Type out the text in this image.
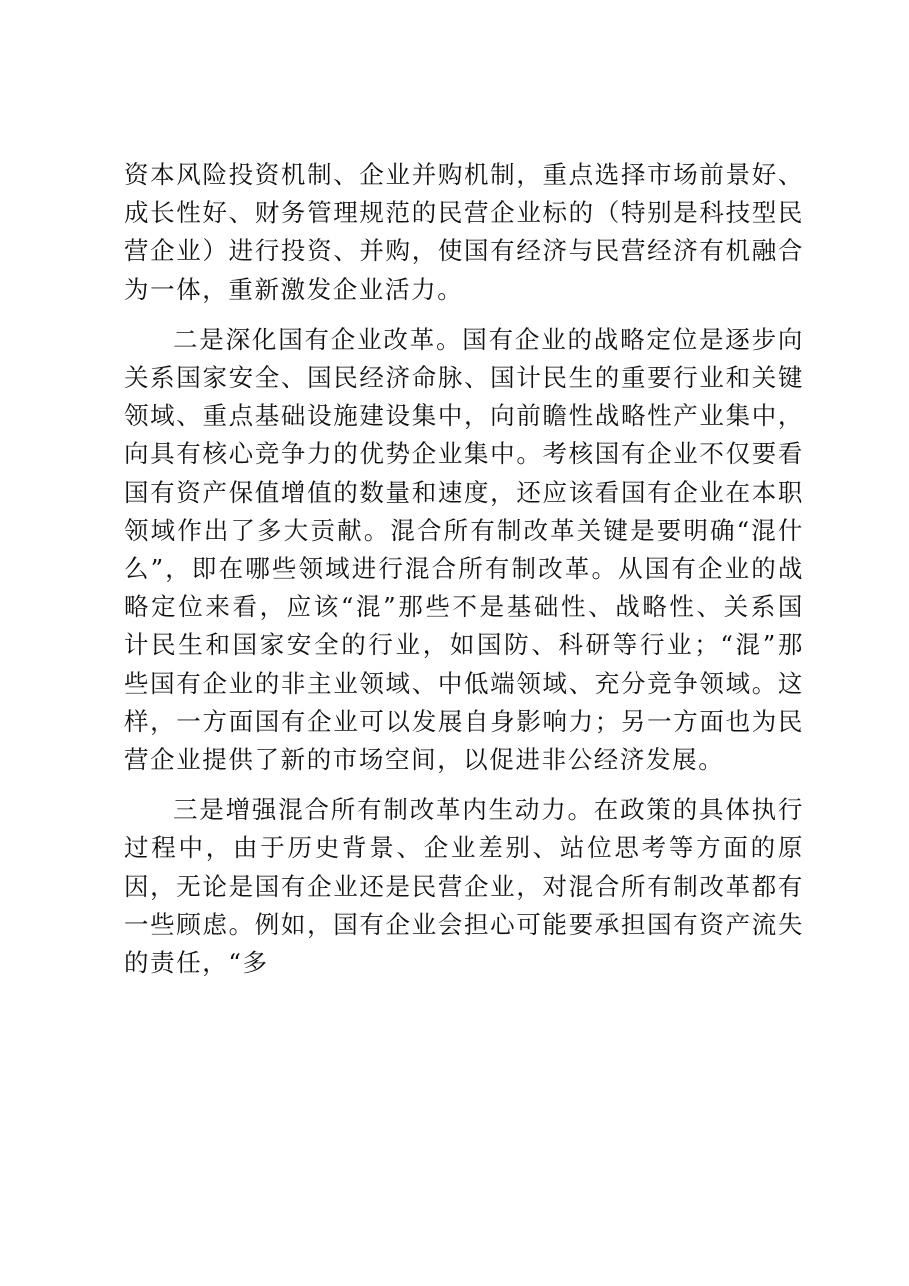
资本风险投资机制、企业并购机制，重点选择市场前景好、成长性好、财务管理规范的民营企业标的（特别是科技型民营企业）进行投资、并购，使国有经济与民营经济有机融合为一体，重新激发企业活力。

二是深化国有企业改革。国有企业的战略定位是逐步向关系国家安全、国民经济命脉、国计民生的重要行业和关键领域、重点基础设施建设集中，向前瞻性战略性产业集中，向具有核心竞争力的优势企业集中。考核国有企业不仅要看国有资产保值增值的数量和速度，还应该看国有企业在本职领域作出了多大贡献。混合所有制改革关键是要明确“混什么”，即在哪些领域进行混合所有制改革。从国有企业的战略定位来看，应该“混”那些不是基础性、战略性、关系国计民生和国家安全的行业，如国防、科研等行业；“混”那些国有企业的非主业领域、中低端领域、充分竞争领域。这样，一方面国有企业可以发展自身影响力；另一方面也为民营企业提供了新的市场空间，以促进非公经济发展。

三是增强混合所有制改革内生动力。在政策的具体执行过程中，由于历史背景、企业差别、站位思考等方面的原因，无论是国有企业还是民营企业，对混合所有制改革都有一些顾虑。例如，国有企业会担心可能要承担国有资产流失的责任，“多
